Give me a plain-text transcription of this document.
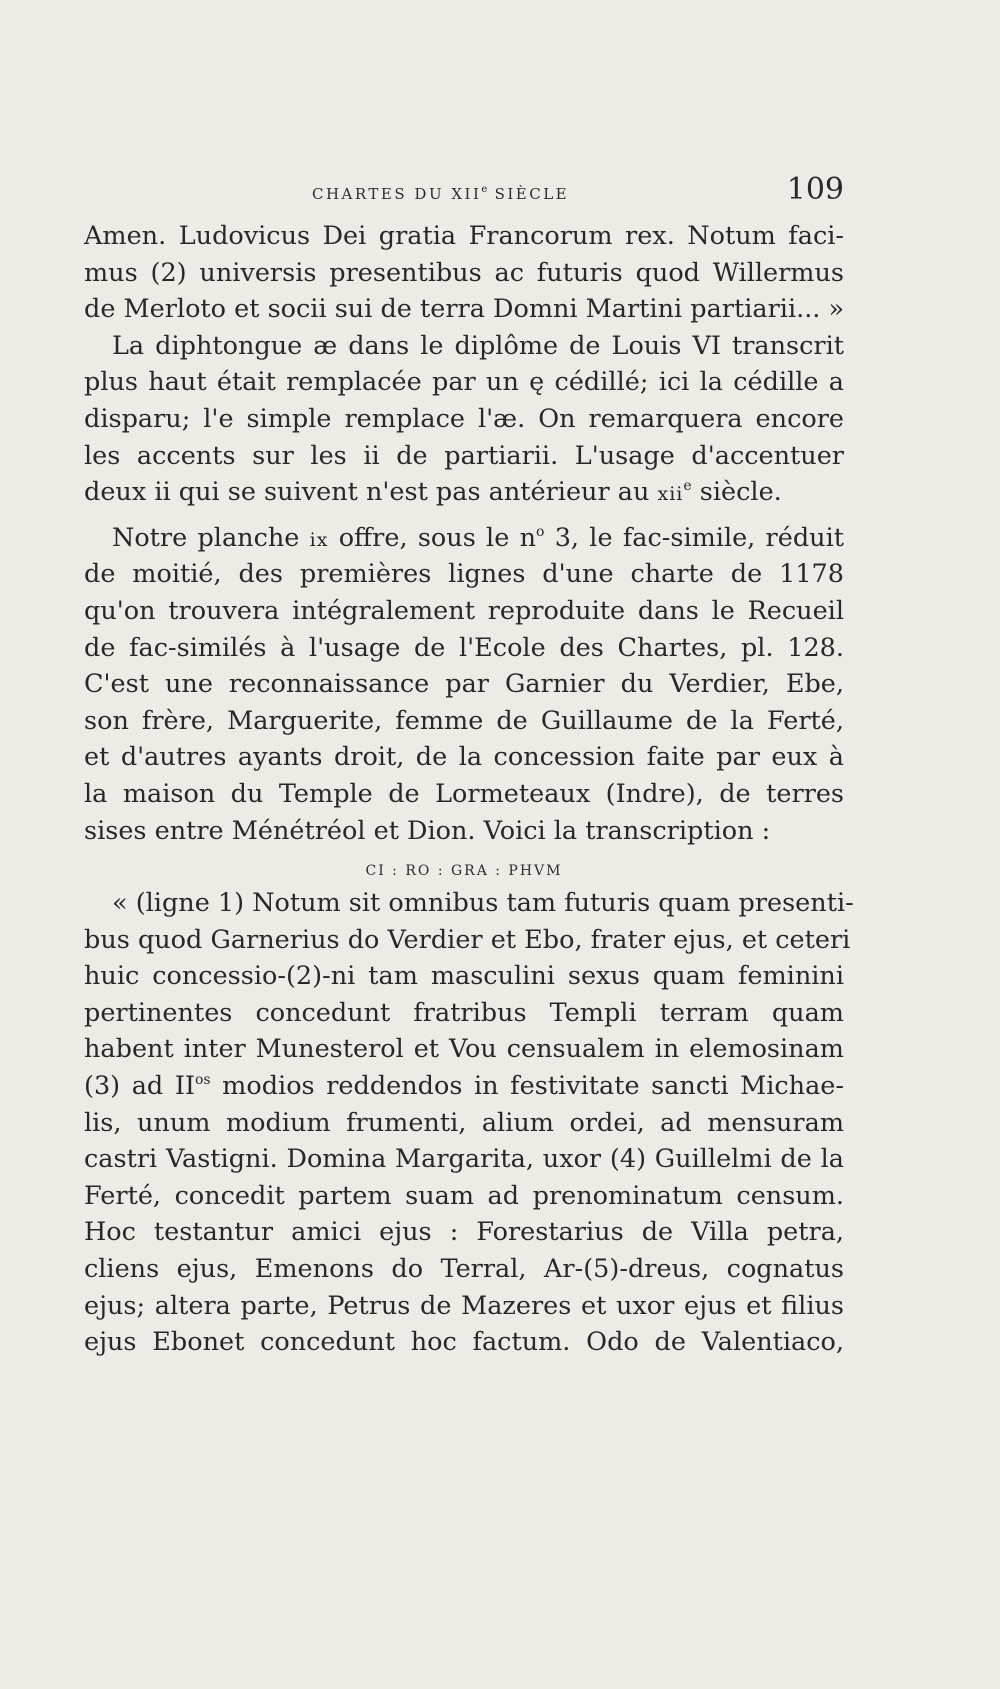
CHARTES DU XIIe SIÈCLE	109
Amen. Ludovicus Dei gratia Francorum rex. Notum faci-
mus (2) universis presentibus ac futuris quod Willermus
de Merloto et socii sui de terra Domni Martini partiarii... »
La diphtongue æ dans le diplôme de Louis VI transcrit
plus haut était remplacée par un ę cédillé; ici la cédille a
disparu; l'e simple remplace l'æ. On remarquera encore
les accents sur les ii de partiarii. L'usage d'accentuer
deux ii qui se suivent n'est pas antérieur au xii$^e$ siècle.
Notre planche ix offre, sous le $n^o$ 3, le fac-simile, réduit
de moitié, des premières lignes d'une charte de 1178
qu'on trouvera intégralement reproduite dans le Recueil
de fac-similés à l'usage de l'Ecole des Chartes, pl. 128.
C'est une reconnaissance par Garnier du Verdier, Ebe,
son frère, Marguerite, femme de Guillaume de la Ferté,
et d'autres ayants droit, de la concession faite par eux à
la maison du Temple de Lormeteaux (Indre), de terres
sises entre Ménétréol et Dion. Voici la transcription :
CI : RO : GRA : PHVM
« (ligne 1) Notum sit omnibus tam futuris quam presenti-
bus quod Garnerius do Verdier et Ebo, frater ejus, et ceteri
huic concessio-(2)-ni tam masculini sexus quam feminini
pertinentes concedunt fratribus Templi terram quam
habent inter Munesterol et Vou censualem in elemosinam
(3) ad $II^{os}$ modios reddendos in festivitate sancti Michae-
lis, unum modium frumenti, alium ordei, ad mensuram
castri Vastigni. Domina Margarita, uxor (4) Guillelmi de la
Ferté, concedit partem suam ad prenominatum censum.
Hoc testantur amici ejus : Forestarius de Villa petra,
cliens ejus, Emenons do Terral, Ar-(5)-dreus, cognatus
ejus; altera parte, Petrus de Mazeres et uxor ejus et filius
ejus Ebonet concedunt hoc factum. Odo de Valentiaco,
